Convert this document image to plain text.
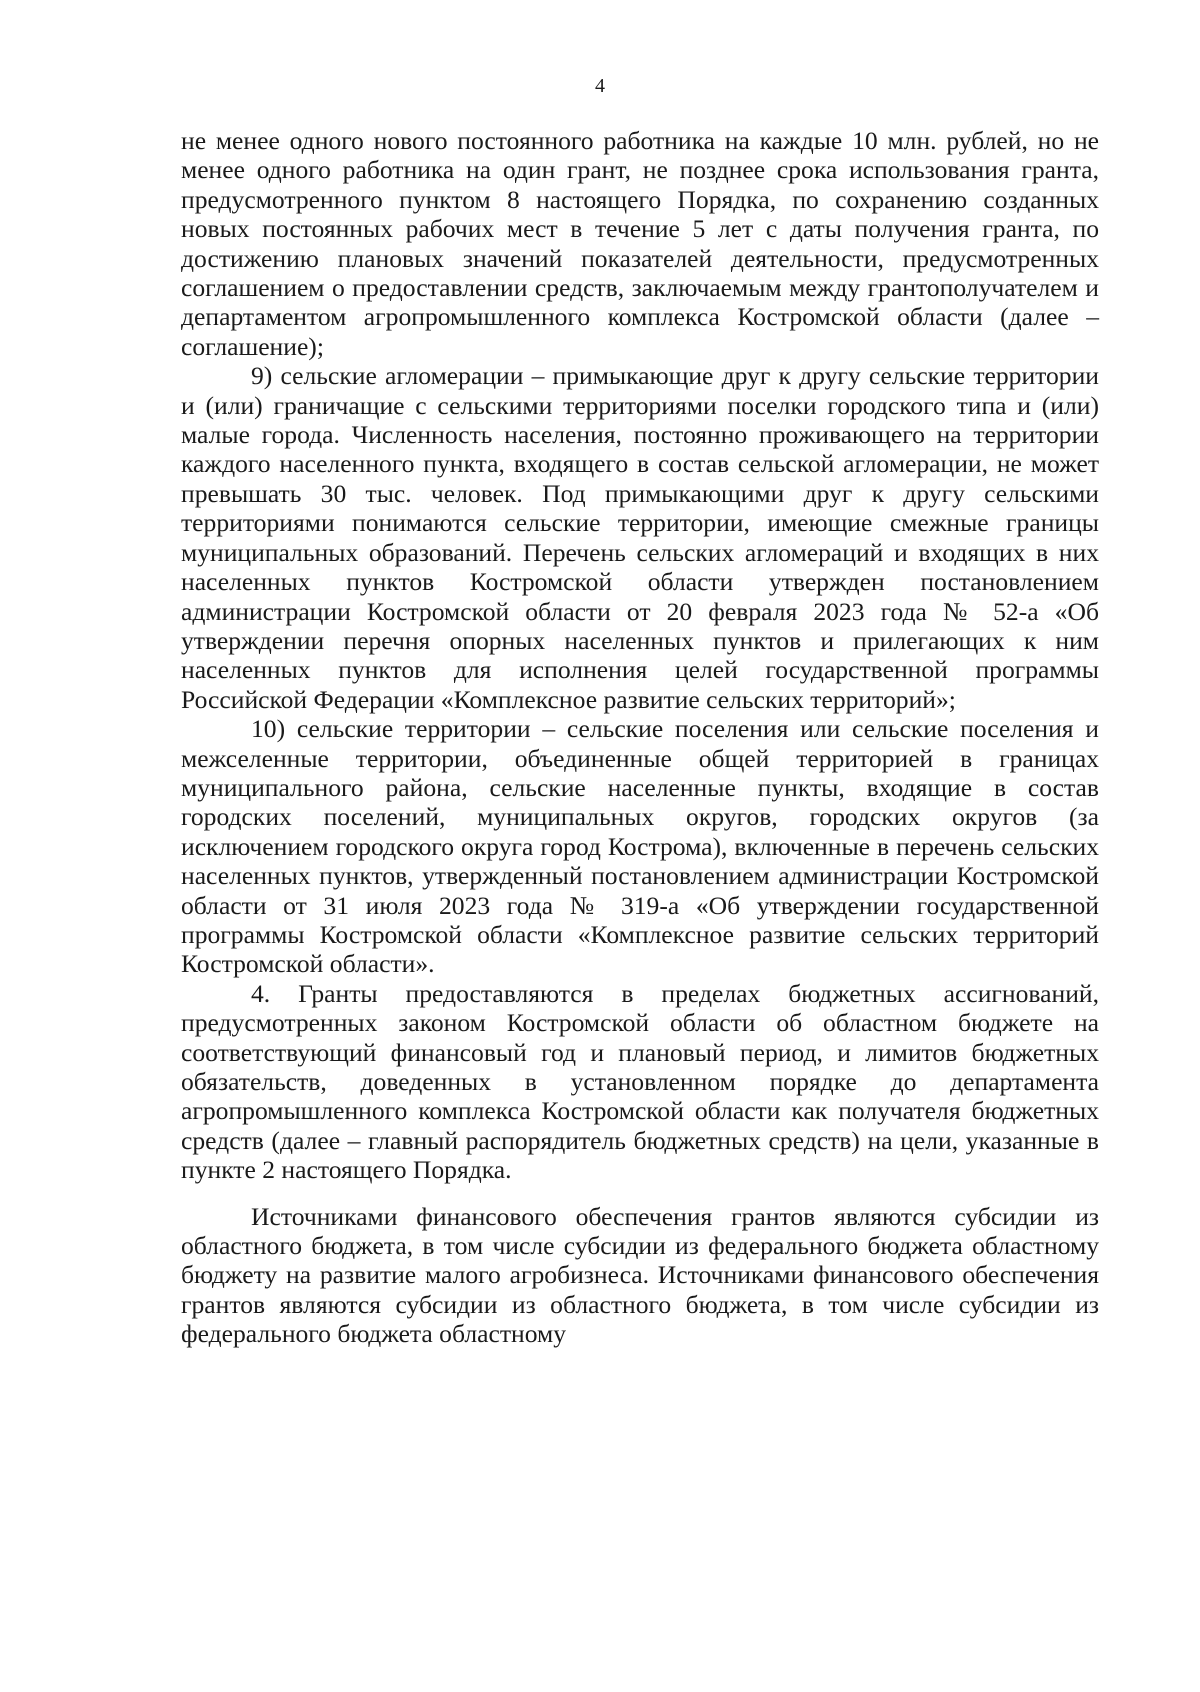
4

не менее одного нового постоянного работника на каждые 10 млн. рублей, но не менее одного работника на один грант, не позднее срока использования гранта, предусмотренного пунктом 8 настоящего Порядка, по сохранению созданных новых постоянных рабочих мест в течение 5 лет с даты получения гранта, по достижению плановых значений показателей деятельности, предусмотренных соглашением о предоставлении средств, заключаемым между грантополучателем и департаментом агропромышленного комплекса Костромской области (далее – соглашение);

9) сельские агломерации – примыкающие друг к другу сельские территории и (или) граничащие с сельскими территориями поселки городского типа и (или) малые города. Численность населения, постоянно проживающего на территории каждого населенного пункта, входящего в состав сельской агломерации, не может превышать 30 тыс. человек. Под примыкающими друг к другу сельскими территориями понимаются сельские территории, имеющие смежные границы муниципальных образований. Перечень сельских агломераций и входящих в них населенных пунктов Костромской области утвержден постановлением администрации Костромской области от 20 февраля 2023 года № 52-а «Об утверждении перечня опорных населенных пунктов и прилегающих к ним населенных пунктов для исполнения целей государственной программы Российской Федерации «Комплексное развитие сельских территорий»;

10) сельские территории – сельские поселения или сельские поселения и межселенные территории, объединенные общей территорией в границах муниципального района, сельские населенные пункты, входящие в состав городских поселений, муниципальных округов, городских округов (за исключением городского округа город Кострома), включенные в перечень сельских населенных пунктов, утвержденный постановлением администрации Костромской области от 31 июля 2023 года № 319-а «Об утверждении государственной программы Костромской области «Комплексное развитие сельских территорий Костромской области».

4. Гранты предоставляются в пределах бюджетных ассигнований, предусмотренных законом Костромской области об областном бюджете на соответствующий финансовый год и плановый период, и лимитов бюджетных обязательств, доведенных в установленном порядке до департамента агропромышленного комплекса Костромской области как получателя бюджетных средств (далее – главный распорядитель бюджетных средств) на цели, указанные в пункте 2 настоящего Порядка.

Источниками финансового обеспечения грантов являются субсидии из областного бюджета, в том числе субсидии из федерального бюджета областному бюджету на развитие малого агробизнеса. Источниками финансового обеспечения грантов являются субсидии из областного бюджета, в том числе субсидии из федерального бюджета областному
